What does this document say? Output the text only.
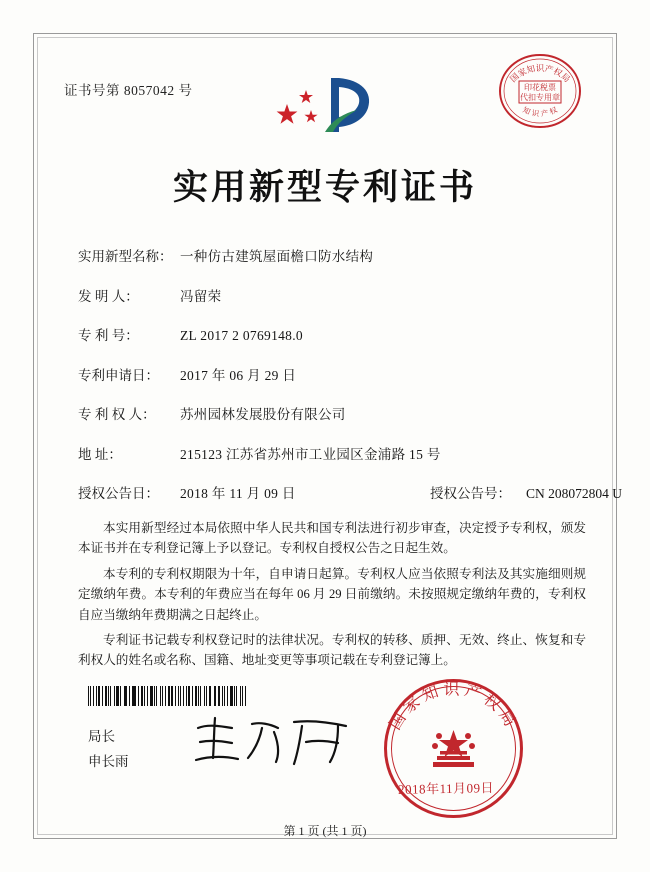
证书号第 8057042 号
国家知识产权局
印花税票
代扣专用章
知 识 产 权
实用新型专利证书
实用新型名称： 一种仿古建筑屋面檐口防水结构
发 明 人：	冯留荣
专 利 号：	ZL 2017 2 0769148.0
专利申请日：	2017 年 06 月 29 日
专 利 权 人：	苏州园林发展股份有限公司
地 址：	215123 江苏省苏州市工业园区金浦路 15 号
授权公告日：	2018 年 11 月 09 日	授权公告号：	CN 208072804 U

本实用新型经过本局依照中华人民共和国专利法进行初步审查，决定授予专利权，颁发本证书并在专利登记簿上予以登记。专利权自授权公告之日起生效。

本专利的专利权期限为十年，自申请日起算。专利权人应当依照专利法及其实施细则规定缴纳年费。本专利的年费应当在每年 06 月 29 日前缴纳。未按照规定缴纳年费的，专利权自应当缴纳年费期满之日起终止。

专利证书记载专利权登记时的法律状况。专利权的转移、质押、无效、终止、恢复和专利权人的姓名或名称、国籍、地址变更等事项记载在专利登记簿上。

局长
申长雨
国家知识产权局
2018年11月09日
第 1 页 (共 1 页)
